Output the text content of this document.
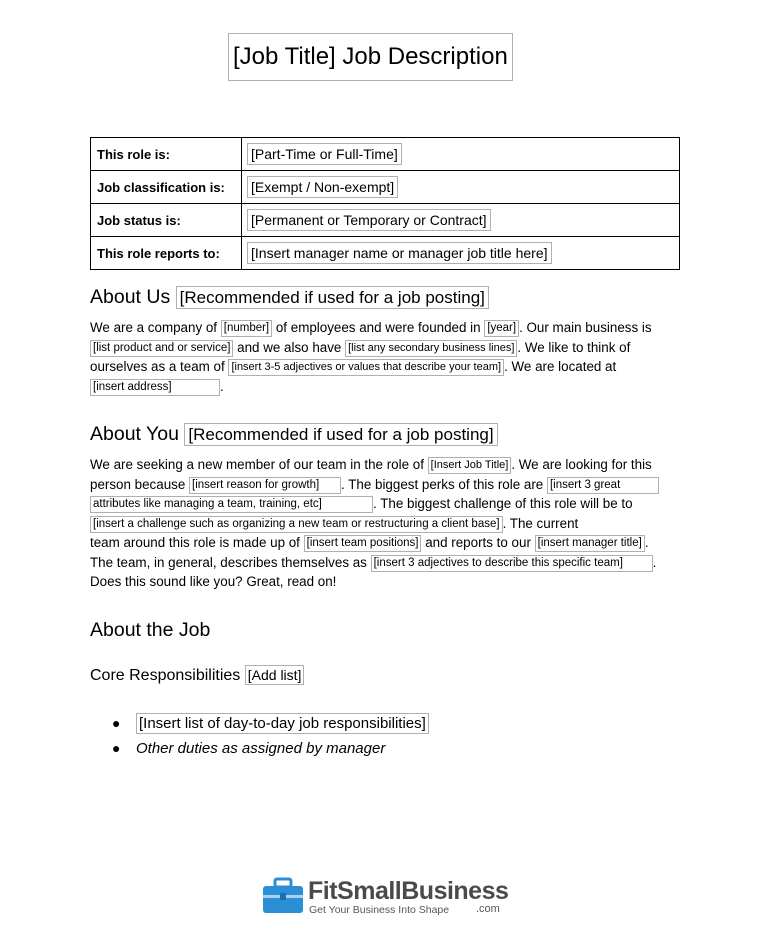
[Job Title] Job Description
This role is:	[Part-Time or Full-Time]
Job classification is:	[Exempt / Non-exempt]
Job status is:	[Permanent or Temporary or Contract]
This role reports to:	[Insert manager name or manager job title here]
About Us [Recommended if used for a job posting]
We are a company of [number] of employees and were founded in [year] . Our main business is
[list product and or service] and we also have [list any secondary business lines] . We like to think of
ourselves as a team of [insert 3-5 adjectives or values that describe your team] . We are located at
[insert address]	.
About You [Recommended if used for a job posting]
We are seeking a new member of our team in the role of [Insert Job Title] . We are looking for this
person because [insert reason for growth] . The biggest perks of this role are [insert 3 great
attributes like managing a team, training, etc]	. The biggest challenge of this role will be to
[insert a challenge such as organizing a new team or restructuring a client base] . The current
team around this role is made up of [insert team positions] and reports to our [insert manager title] .
The team, in general, describes themselves as [insert 3 adjectives to describe this specific team] .
Does this sound like you? Great, read on!
About the Job
Core Responsibilities [Add list]
● [Insert list of day-to-day job responsibilities]
● Other duties as assigned by manager
FitSmallBusiness
Get Your Business Into Shape .com
